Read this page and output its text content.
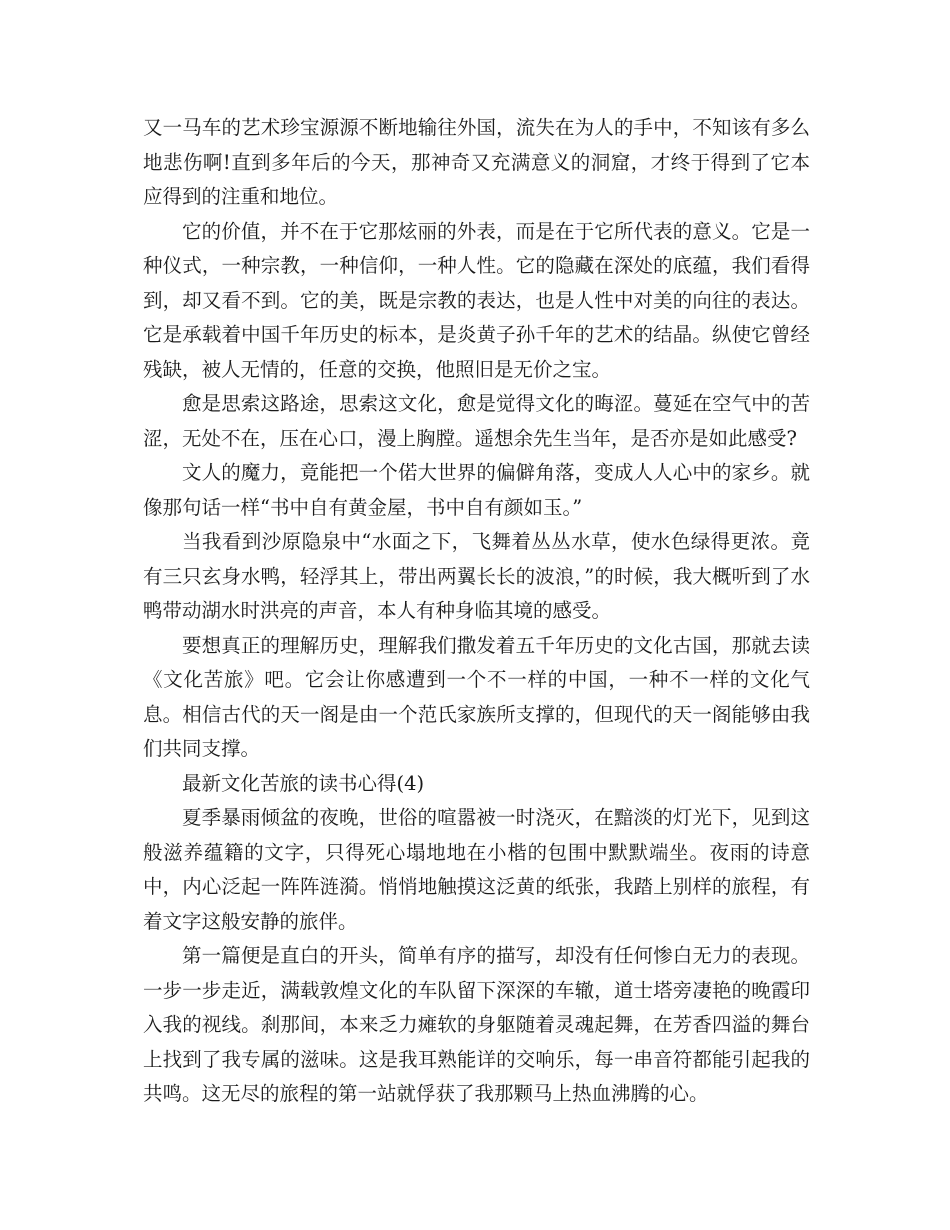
又一马车的艺术珍宝源源不断地输往外国，流失在为人的手中，不知该有多么地悲伤啊!直到多年后的今天，那神奇又充满意义的洞窟，才终于得到了它本应得到的注重和地位。

它的价值，并不在于它那炫丽的外表，而是在于它所代表的意义。它是一种仪式，一种宗教，一种信仰，一种人性。它的隐藏在深处的底蕴，我们看得到，却又看不到。它的美，既是宗教的表达，也是人性中对美的向往的表达。它是承载着中国千年历史的标本，是炎黄子孙千年的艺术的结晶。纵使它曾经残缺，被人无情的，任意的交换，他照旧是无价之宝。

愈是思索这路途，思索这文化，愈是觉得文化的晦涩。蔓延在空气中的苦涩，无处不在，压在心口，漫上胸膛。遥想余先生当年，是否亦是如此感受?

文人的魔力，竟能把一个偌大世界的偏僻角落，变成人人心中的家乡。就像那句话一样“书中自有黄金屋，书中自有颜如玉。”

当我看到沙原隐泉中“水面之下，飞舞着丛丛水草，使水色绿得更浓。竟有三只玄身水鸭，轻浮其上，带出两翼长长的波浪，”的时候，我大概听到了水鸭带动湖水时洪亮的声音，本人有种身临其境的感受。

要想真正的理解历史，理解我们撒发着五千年历史的文化古国，那就去读《文化苦旅》吧。它会让你感遭到一个不一样的中国，一种不一样的文化气息。相信古代的天一阁是由一个范氏家族所支撑的，但现代的天一阁能够由我们共同支撑。

最新文化苦旅的读书心得(4)

夏季暴雨倾盆的夜晚，世俗的喧嚣被一时浇灭，在黯淡的灯光下，见到这般滋养蕴籍的文字，只得死心塌地地在小楷的包围中默默端坐。夜雨的诗意中，内心泛起一阵阵涟漪。悄悄地触摸这泛黄的纸张，我踏上别样的旅程，有着文字这般安静的旅伴。

第一篇便是直白的开头，简单有序的描写，却没有任何惨白无力的表现。一步一步走近，满载敦煌文化的车队留下深深的车辙，道士塔旁凄艳的晚霞印入我的视线。刹那间，本来乏力瘫软的身躯随着灵魂起舞，在芳香四溢的舞台上找到了我专属的滋味。这是我耳熟能详的交响乐，每一串音符都能引起我的共鸣。这无尽的旅程的第一站就俘获了我那颗马上热血沸腾的心。
